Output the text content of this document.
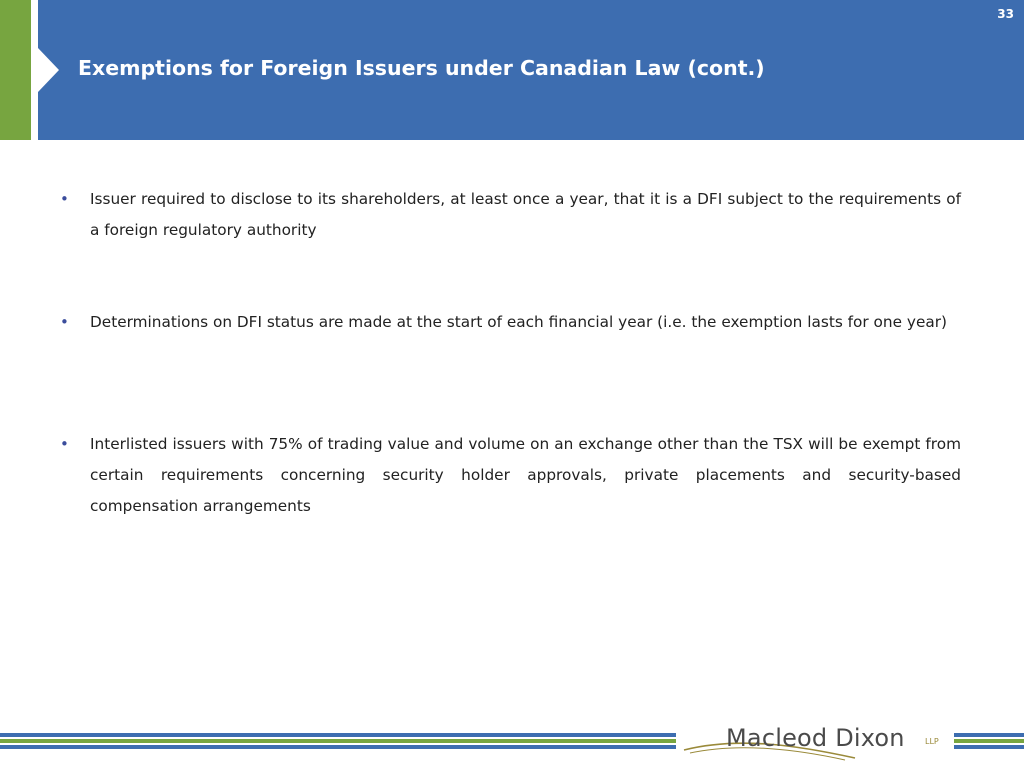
Exemptions for Foreign Issuers under Canadian Law (cont.)
33
•	Issuer required to disclose to its shareholders, at least once a year, that it is a DFI subject to the requirements of a foreign regulatory authority
•	Determinations on DFI status are made at the start of each financial year (i.e. the exemption lasts for one year)
•	Interlisted issuers with 75% of trading value and volume on an exchange other than the TSX will be exempt from certain requirements concerning security holder approvals, private placements and security-based compensation arrangements
Macleod Dixon	LLP
